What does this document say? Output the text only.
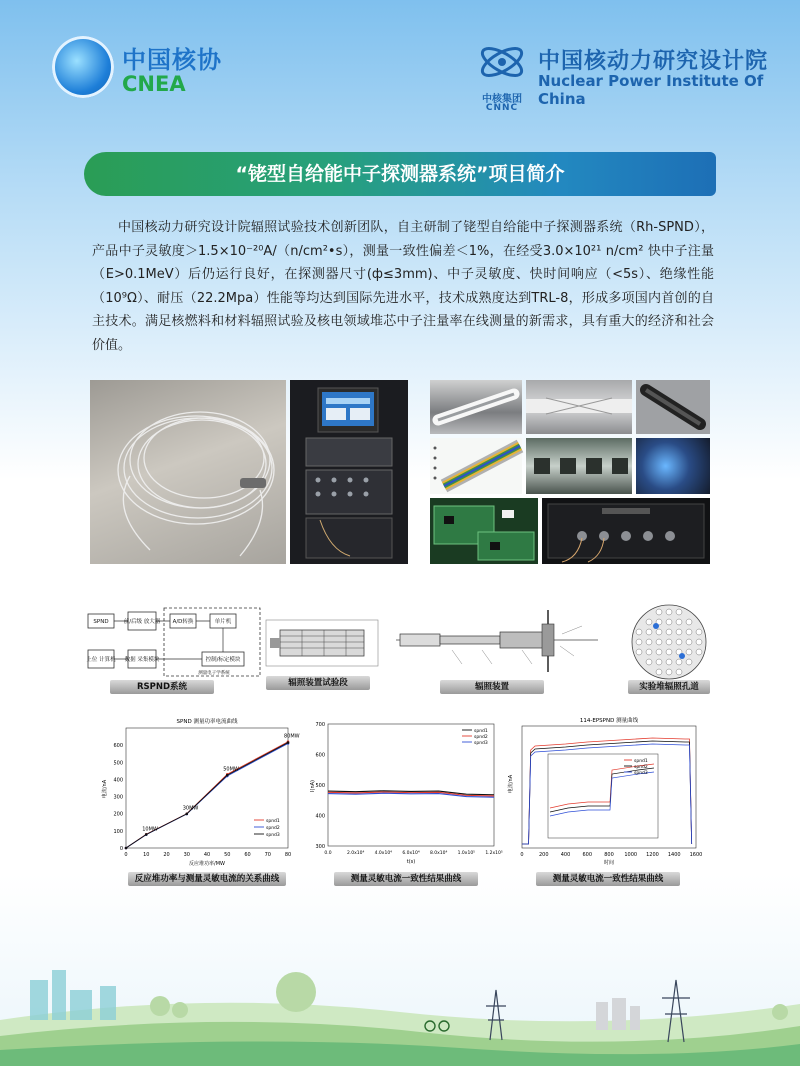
中国核协
CNEA
中核集团
CNNC
中国核动力研究设计院
Nuclear Power Institute Of China
“铑型自给能中子探测器系统”项目简介

中国核动力研究设计院辐照试验技术创新团队，自主研制了铑型自给能中子探测器系统（Rh-SPND），产品中子灵敏度＞1.5×10⁻²⁰A/（n/cm²•s），测量一致性偏差＜1%，在经受3.0×10²¹ n/cm² 快中子注量（E>0.1MeV）后仍运行良好，在探测器尺寸(ф≤3mm)、中子灵敏度、快时间响应（<5s）、绝缘性能（10⁹Ω）、耐压（22.2Mpa）性能等均达到国际先进水平，技术成熟度达到TRL-8，形成多项国内首创的自主技术。满足核燃料和材料辐照试验及核电领域堆芯中子注量率在线测量的新需求，具有重大的经济和社会价值。

SPND	前/后级 放大器 A/D转换	单片机
上位 计算机 数据 采集模块	控制/标定模块
测量电子学系统
RSPND系统	辐照装置试验段	辐照装置	实验堆辐照孔道
SPND 测量功率电流曲线
0	10	20	30	40	50	60	70	80
0
100
200
300
400
500
600
反应堆功率/MW
电流/nA
spnd1
spnd2
spnd3
10MW
30MW
50MW
80MW
300
400
500
600
700
0.0	2.0x10⁴ 4.0x10⁴ 6.0x10⁴ 8.0x10⁴ 1.0x10⁵ 1.2x10⁵
t(s)
I(nA)
spnd1
spnd2
spnd3
114-EPSPND 测量曲线
0	200 400 600 800 1000 1200 1400 1600
时间
电流/nA
spnd1
spnd2
spnd3
反应堆功率与测量灵敏电流的关系曲线	测量灵敏电流一致性结果曲线	测量灵敏电流一致性结果曲线
